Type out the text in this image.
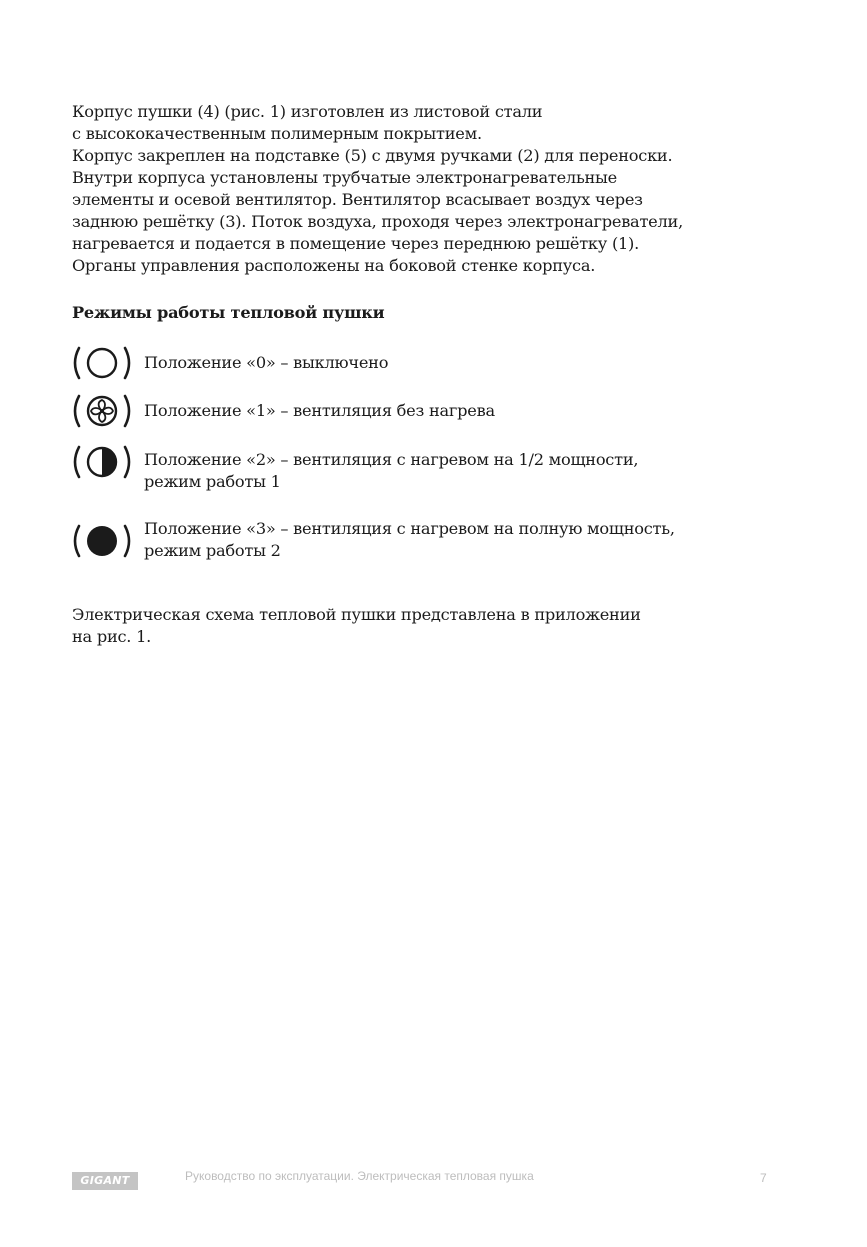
Корпус пушки (4) (рис. 1) изготовлен из листовой стали
с высококачественным полимерным покрытием.
Корпус закреплен на подставке (5) с двумя ручками (2) для переноски.
Внутри корпуса установлены трубчатые электронагревательные
элементы и осевой вентилятор. Вентилятор всасывает воздух через
заднюю решётку (3). Поток воздуха, проходя через электронагреватели,
нагревается и подается в помещение через переднюю решётку (1).
Органы управления расположены на боковой стенке корпуса.
Режимы работы тепловой пушки
Положение «0» – выключено
Положение «1» – вентиляция без нагрева
Положение «2» – вентиляция с нагревом на 1/2 мощности,
режим работы 1
Положение «3» – вентиляция с нагревом на полную мощность,
режим работы 2
Электрическая схема тепловой пушки представлена в приложении
на рис. 1.
GIGANT	Руководство по эксплуатации. Электрическая тепловая пушка	7
